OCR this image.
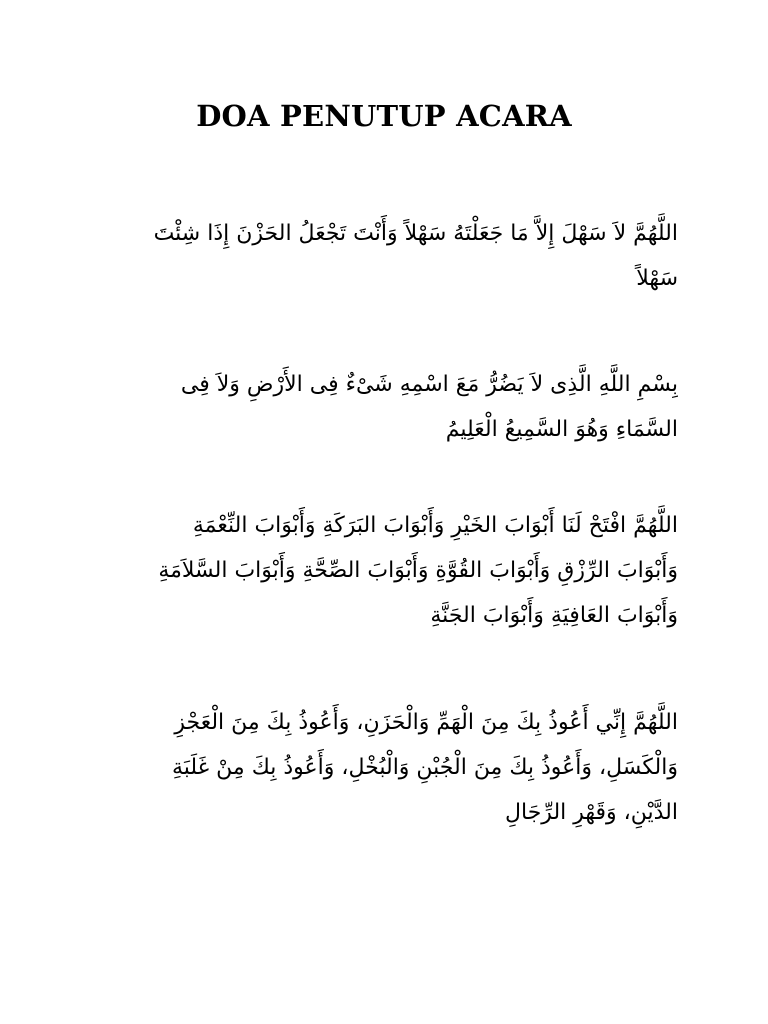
DOA PENUTUP ACARA

اللَّهُمَّ لاَ سَهْلَ إِلاَّ مَا جَعَلْتَهُ سَهْلاً وَأَنْتَ تَجْعَلُ الحَزْنَ إِذَا شِئْتَ
سَهْلاً

بِسْمِ اللَّهِ الَّذِى لاَ يَضُرُّ مَعَ اسْمِهِ شَىْءٌ فِى الأَرْضِ وَلاَ فِى
السَّمَاءِ وَهُوَ السَّمِيعُ الْعَلِيمُ

اللَّهُمَّ افْتَحْ لَنَا أَبْوَابَ الخَيْرِ وَأَبْوَابَ البَرَكَةِ وَأَبْوَابَ النِّعْمَةِ
وَأَبْوَابَ الرِّزْقِ وَأَبْوَابَ القُوَّةِ وَأَبْوَابَ الصِّحَّةِ وَأَبْوَابَ السَّلاَمَةِ
وَأَبْوَابَ العَافِيَةِ وَأَبْوَابَ الجَنَّةِ

اللَّهُمَّ إِنِّي أَعُوذُ بِكَ مِنَ الْهَمِّ وَالْحَزَنِ، وَأَعُوذُ بِكَ مِنَ الْعَجْزِ
وَالْكَسَلِ، وَأَعُوذُ بِكَ مِنَ الْجُبْنِ وَالْبُخْلِ، وَأَعُوذُ بِكَ مِنْ غَلَبَةِ
الدَّيْنِ، وَقَهْرِ الرِّجَالِ
